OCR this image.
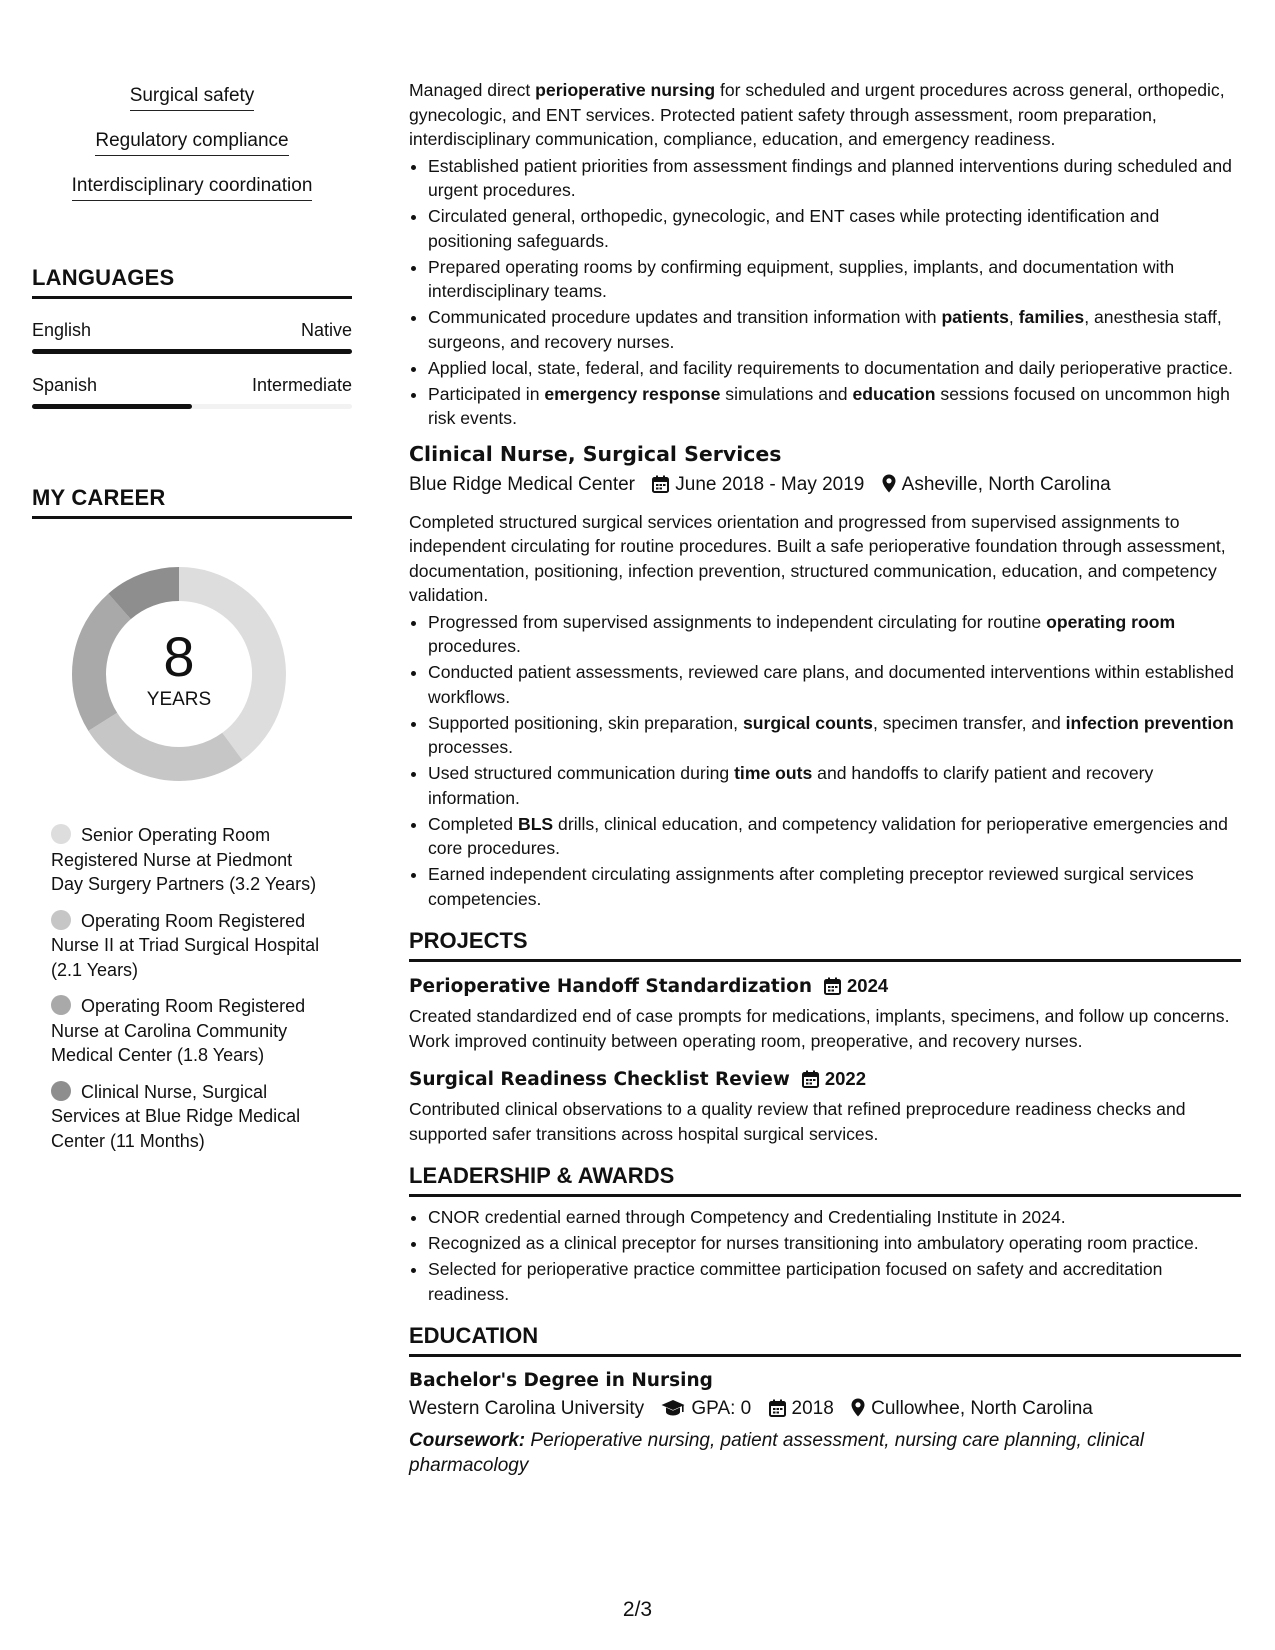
Surgical safety
Regulatory compliance
Interdisciplinary coordination
LANGUAGES
English	Native
Spanish	Intermediate
MY CAREER
8
YEARS
Senior Operating Room Registered Nurse at Piedmont Day Surgery Partners (3.2 Years)
Operating Room Registered Nurse II at Triad Surgical Hospital (2.1 Years)
Operating Room Registered Nurse at Carolina Community Medical Center (1.8 Years)
Clinical Nurse, Surgical Services at Blue Ridge Medical Center (11 Months)

Managed direct perioperative nursing for scheduled and urgent procedures across general, orthopedic, gynecologic, and ENT services. Protected patient safety through assessment, room preparation, interdisciplinary communication, compliance, education, and emergency readiness.

• Established patient priorities from assessment findings and planned interventions during scheduled and urgent procedures.
• Circulated general, orthopedic, gynecologic, and ENT cases while protecting identification and positioning safeguards.
• Prepared operating rooms by confirming equipment, supplies, implants, and documentation with interdisciplinary teams.
• Communicated procedure updates and transition information with patients, families, anesthesia staff, surgeons, and recovery nurses.
• Applied local, state, federal, and facility requirements to documentation and daily perioperative practice.
• Participated in emergency response simulations and education sessions focused on uncommon high risk events.
Clinical Nurse, Surgical Services
Blue Ridge Medical Center June 2018 - May 2019 Asheville, North Carolina

Completed structured surgical services orientation and progressed from supervised assignments to independent circulating for routine procedures. Built a safe perioperative foundation through assessment, documentation, positioning, infection prevention, structured communication, education, and competency validation.

• Progressed from supervised assignments to independent circulating for routine operating room procedures.
• Conducted patient assessments, reviewed care plans, and documented interventions within established workflows.
• Supported positioning, skin preparation, surgical counts, specimen transfer, and infection prevention processes.
• Used structured communication during time outs and handoffs to clarify patient and recovery information.
• Completed BLS drills, clinical education, and competency validation for perioperative emergencies and core procedures.
• Earned independent circulating assignments after completing preceptor reviewed surgical services competencies.
PROJECTS
Perioperative Handoff Standardization 2024

Created standardized end of case prompts for medications, implants, specimens, and follow up concerns. Work improved continuity between operating room, preoperative, and recovery nurses.

Surgical Readiness Checklist Review 2022

Contributed clinical observations to a quality review that refined preprocedure readiness checks and supported safer transitions across hospital surgical services.

LEADERSHIP & AWARDS
• CNOR credential earned through Competency and Credentialing Institute in 2024.
• Recognized as a clinical preceptor for nurses transitioning into ambulatory operating room practice.
• Selected for perioperative practice committee participation focused on safety and accreditation readiness.
EDUCATION
Bachelor's Degree in Nursing
Western Carolina University GPA: 0 2018 Cullowhee, North Carolina
Coursework: Perioperative nursing, patient assessment, nursing care planning, clinical pharmacology
2/3
